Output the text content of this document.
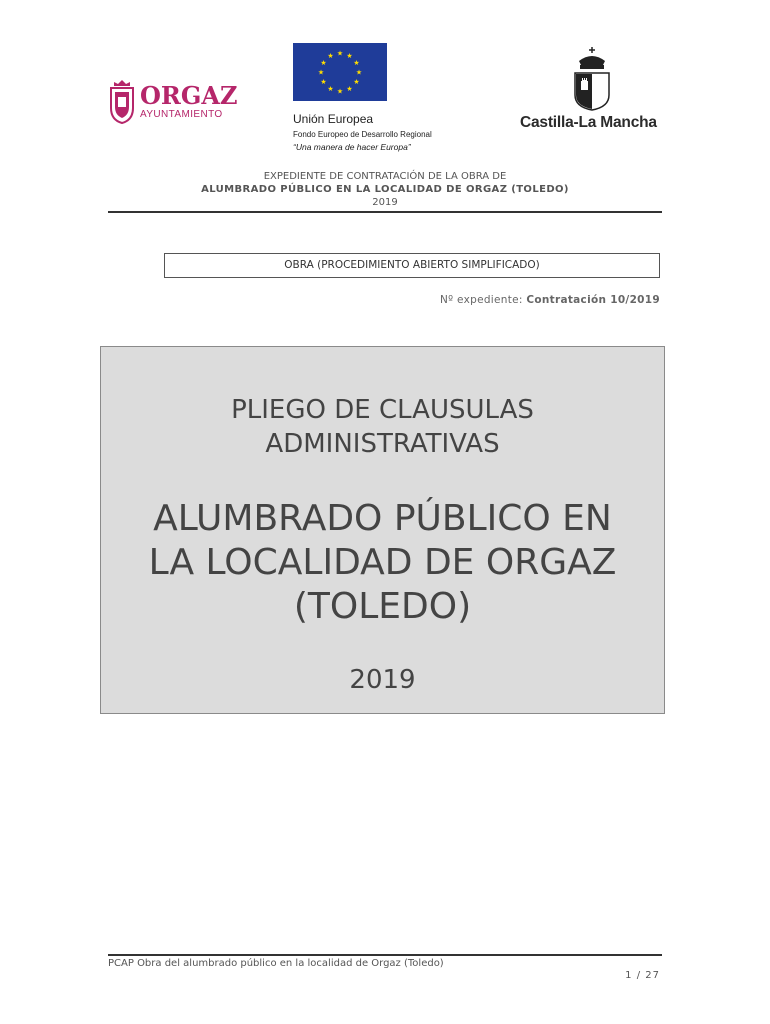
ORGAZ
AYUNTAMIENTO
★ ★
★
★
★
★
★
★
★
★
★
★
Unión Europea
Fondo Europeo de Desarrollo Regional
“Una manera de hacer Europa”
Castilla-La Mancha
EXPEDIENTE DE CONTRATACIÓN DE LA OBRA DE
ALUMBRADO PÚBLICO EN LA LOCALIDAD DE ORGAZ (TOLEDO)
2019
OBRA (PROCEDIMIENTO ABIERTO SIMPLIFICADO)
Nº expediente: Contratación 10/2019
PLIEGO DE CLAUSULAS
ADMINISTRATIVAS
ALUMBRADO PÚBLICO EN
LA LOCALIDAD DE ORGAZ
(TOLEDO)
2019
PCAP Obra del alumbrado público en la localidad de Orgaz (Toledo)
1 / 27
